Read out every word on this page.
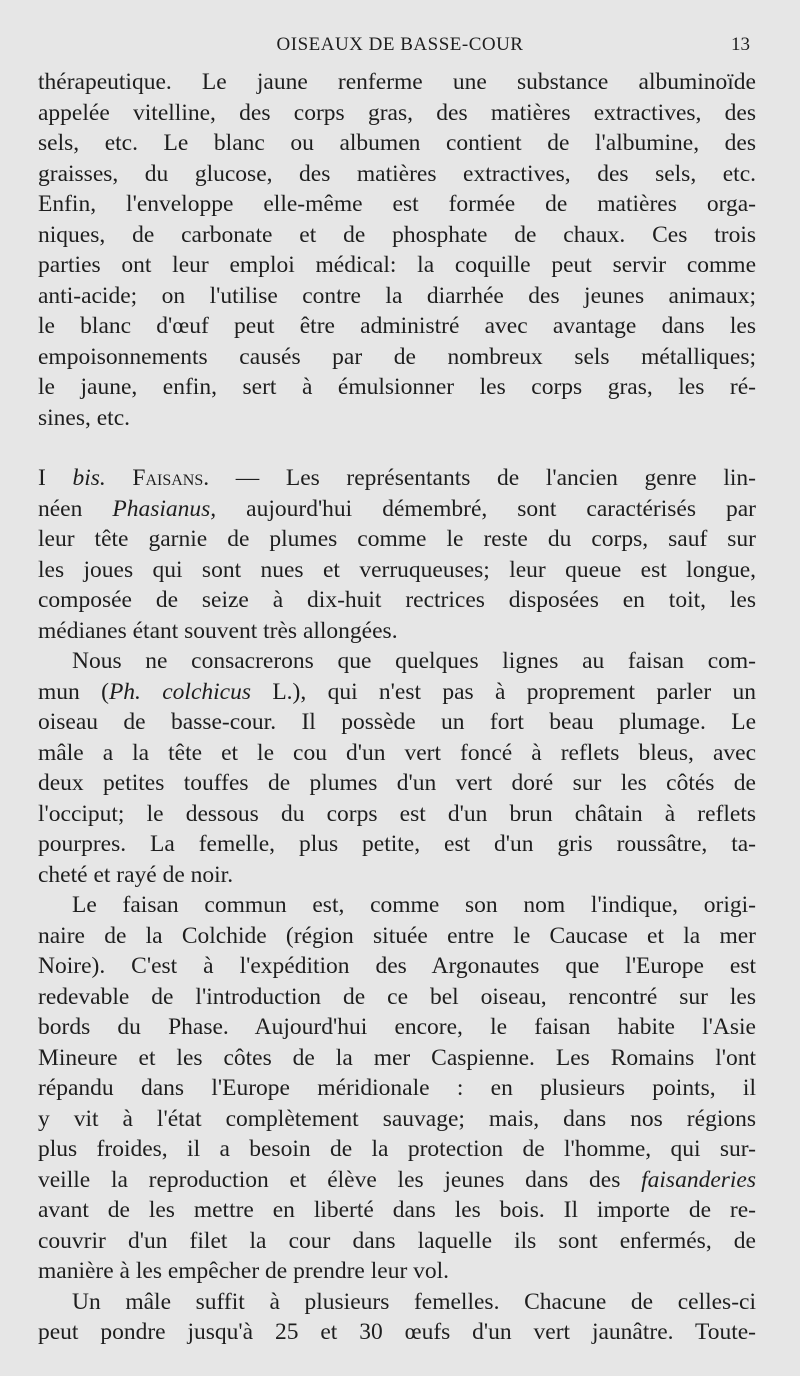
OISEAUX DE BASSE-COUR	13
thérapeutique. Le jaune renferme une substance albuminoïde
appelée vitelline, des corps gras, des matières extractives, des
sels, etc. Le blanc ou albumen contient de l'albumine, des
graisses, du glucose, des matières extractives, des sels, etc.
Enfin, l'enveloppe elle-même est formée de matières orga-
niques, de carbonate et de phosphate de chaux. Ces trois
parties ont leur emploi médical: la coquille peut servir comme
anti-acide; on l'utilise contre la diarrhée des jeunes animaux;
le blanc d'œuf peut être administré avec avantage dans les
empoisonnements causés par de nombreux sels métalliques;
le jaune, enfin, sert à émulsionner les corps gras, les ré-
sines, etc.
I bis. Faisans. — Les représentants de l'ancien genre lin-
néen Phasianus, aujourd'hui démembré, sont caractérisés par
leur tête garnie de plumes comme le reste du corps, sauf sur
les joues qui sont nues et verruqueuses; leur queue est longue,
composée de seize à dix-huit rectrices disposées en toit, les
médianes étant souvent très allongées.
Nous ne consacrerons que quelques lignes au faisan com-
mun (Ph. colchicus L.), qui n'est pas à proprement parler un
oiseau de basse-cour. Il possède un fort beau plumage. Le
mâle a la tête et le cou d'un vert foncé à reflets bleus, avec
deux petites touffes de plumes d'un vert doré sur les côtés de
l'occiput; le dessous du corps est d'un brun châtain à reflets
pourpres. La femelle, plus petite, est d'un gris roussâtre, ta-
cheté et rayé de noir.
Le faisan commun est, comme son nom l'indique, origi-
naire de la Colchide (région située entre le Caucase et la mer
Noire). C'est à l'expédition des Argonautes que l'Europe est
redevable de l'introduction de ce bel oiseau, rencontré sur les
bords du Phase. Aujourd'hui encore, le faisan habite l'Asie
Mineure et les côtes de la mer Caspienne. Les Romains l'ont
répandu dans l'Europe méridionale : en plusieurs points, il
y vit à l'état complètement sauvage; mais, dans nos régions
plus froides, il a besoin de la protection de l'homme, qui sur-
veille la reproduction et élève les jeunes dans des faisanderies
avant de les mettre en liberté dans les bois. Il importe de re-
couvrir d'un filet la cour dans laquelle ils sont enfermés, de
manière à les empêcher de prendre leur vol.
Un mâle suffit à plusieurs femelles. Chacune de celles-ci
peut pondre jusqu'à 25 et 30 œufs d'un vert jaunâtre. Toute-
